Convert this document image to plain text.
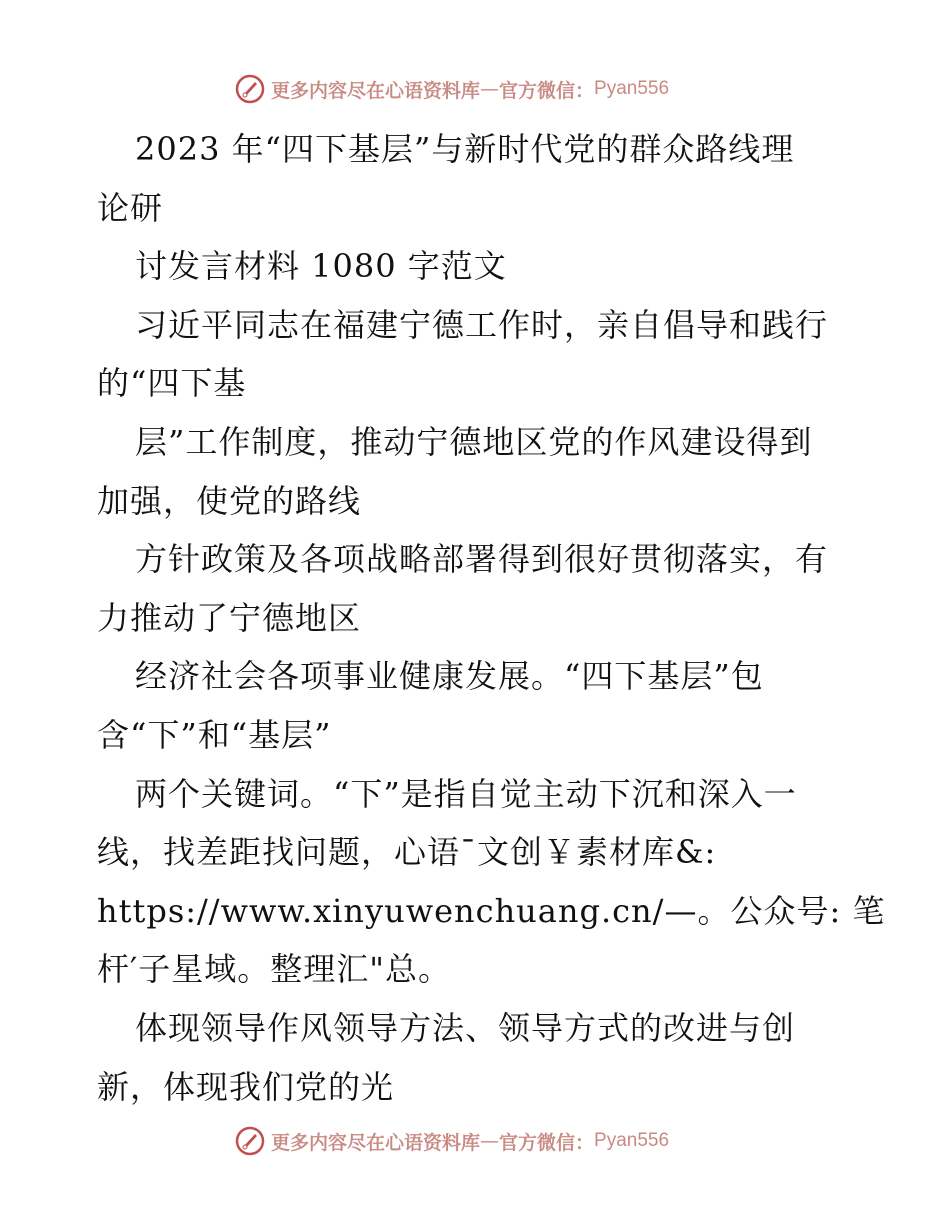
更多内容尽在心语资料库 — 官方微信： Pyan556
2023 年“四下基层”与新时代党的群众路线理
论研
讨发言材料 1080 字范文
习近平同志在福建宁德工作时，亲自倡导和践行
的“四下基
层”工作制度，推动宁德地区党的作风建设得到
加强，使党的路线
方针政策及各项战略部署得到很好贯彻落实，有
力推动了宁德地区
经济社会各项事业健康发展。“四下基层”包
含“下”和“基层”
两个关键词。“下”是指自觉主动下沉和深入一
线，找差距找问题，心语¯文创￥素材库&:
https://www.xinyuwenchuang.cn/—。公众号: 笔
杆′子星域。整理汇"总。
体现领导作风领导方法、领导方式的改进与创
新，体现我们党的光
更多内容尽在心语资料库 — 官方微信： Pyan556
